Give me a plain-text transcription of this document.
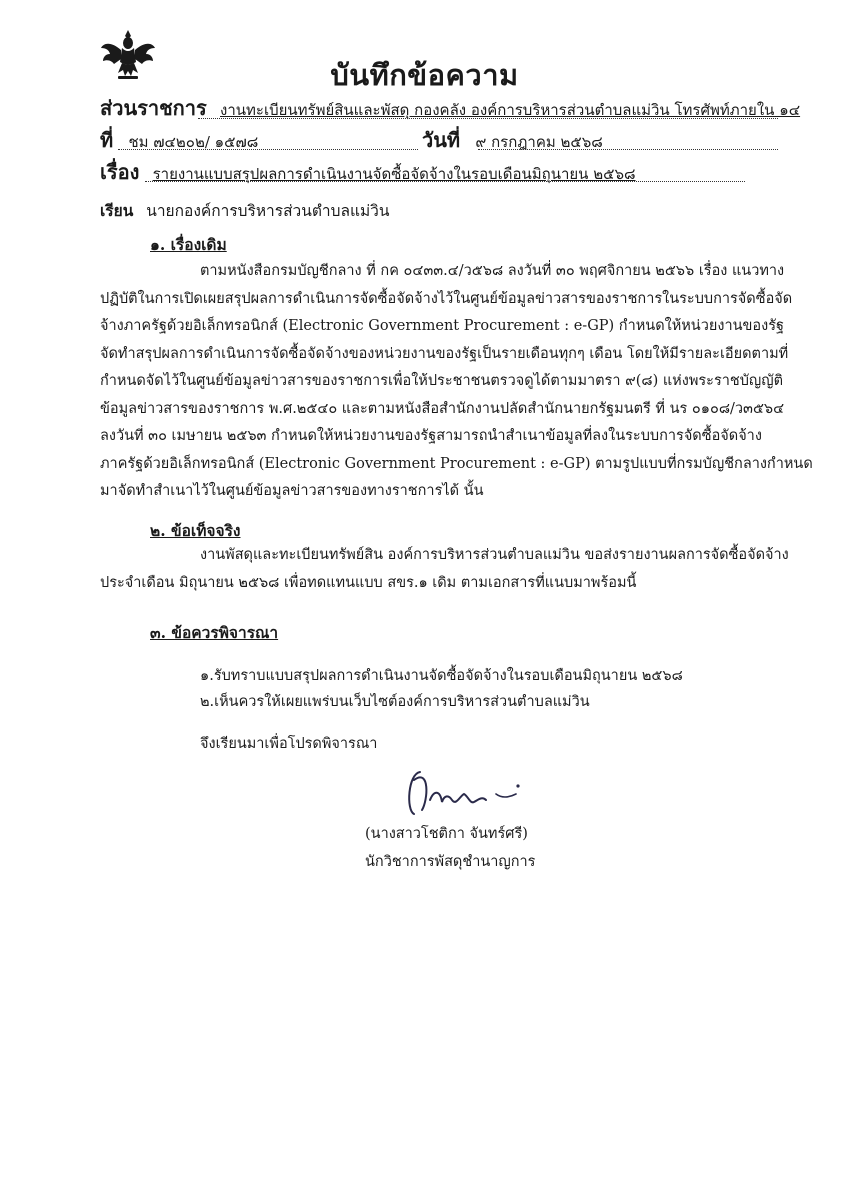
บันทึกข้อความ
ส่วนราชการ งานทะเบียนทรัพย์สินและพัสดุ กองคลัง องค์การบริหารส่วนตำบลแม่วิน โทรศัพท์ภายใน ๑๔
ที่ ชม ๗๔๒๐๒/ ๑๕๗๘	วันที่ ๙ กรกฎาคม ๒๕๖๘
เรื่อง รายงานแบบสรุปผลการดำเนินงานจัดซื้อจัดจ้างในรอบเดือนมิถุนายน ๒๕๖๘
เรียน นายกองค์การบริหารส่วนตำบลแม่วิน
๑. เรื่องเดิม
ตามหนังสือกรมบัญชีกลาง ที่ กค ๐๔๓๓.๔/ว๕๖๘ ลงวันที่ ๓๐ พฤศจิกายน ๒๕๖๖ เรื่อง แนวทาง
ปฏิบัติในการเปิดเผยสรุปผลการดำเนินการจัดซื้อจัดจ้างไว้ในศูนย์ข้อมูลข่าวสารของราชการในระบบการจัดซื้อจัด
จ้างภาครัฐด้วยอิเล็กทรอนิกส์ (Electronic Government Procurement : e-GP) กำหนดให้หน่วยงานของรัฐ
จัดทำสรุปผลการดำเนินการจัดซื้อจัดจ้างของหน่วยงานของรัฐเป็นรายเดือนทุกๆ เดือน โดยให้มีรายละเอียดตามที่
กำหนดจัดไว้ในศูนย์ข้อมูลข่าวสารของราชการเพื่อให้ประชาชนตรวจดูได้ตามมาตรา ๙(๘) แห่งพระราชบัญญัติ
ข้อมูลข่าวสารของราชการ พ.ศ.๒๕๔๐ และตามหนังสือสำนักงานปลัดสำนักนายกรัฐมนตรี ที่ นร ๐๑๐๘/ว๓๕๖๔
ลงวันที่ ๓๐ เมษายน ๒๕๖๓ กำหนดให้หน่วยงานของรัฐสามารถนำสำเนาข้อมูลที่ลงในระบบการจัดซื้อจัดจ้าง
ภาครัฐด้วยอิเล็กทรอนิกส์ (Electronic Government Procurement : e-GP) ตามรูปแบบที่กรมบัญชีกลางกำหนด
มาจัดทำสำเนาไว้ในศูนย์ข้อมูลข่าวสารของทางราชการได้ นั้น
๒. ข้อเท็จจริง
งานพัสดุและทะเบียนทรัพย์สิน องค์การบริหารส่วนตำบลแม่วิน ขอส่งรายงานผลการจัดซื้อจัดจ้าง
ประจำเดือน มิถุนายน ๒๕๖๘ เพื่อทดแทนแบบ สขร.๑ เดิม ตามเอกสารที่แนบมาพร้อมนี้
๓. ข้อควรพิจารณา
๑.รับทราบแบบสรุปผลการดำเนินงานจัดซื้อจัดจ้างในรอบเดือนมิถุนายน ๒๕๖๘
๒.เห็นควรให้เผยแพร่บนเว็บไซต์องค์การบริหารส่วนตำบลแม่วิน
จึงเรียนมาเพื่อโปรดพิจารณา
(นางสาวโชติกา จันทร์ศรี)
นักวิชาการพัสดุชำนาญการ
